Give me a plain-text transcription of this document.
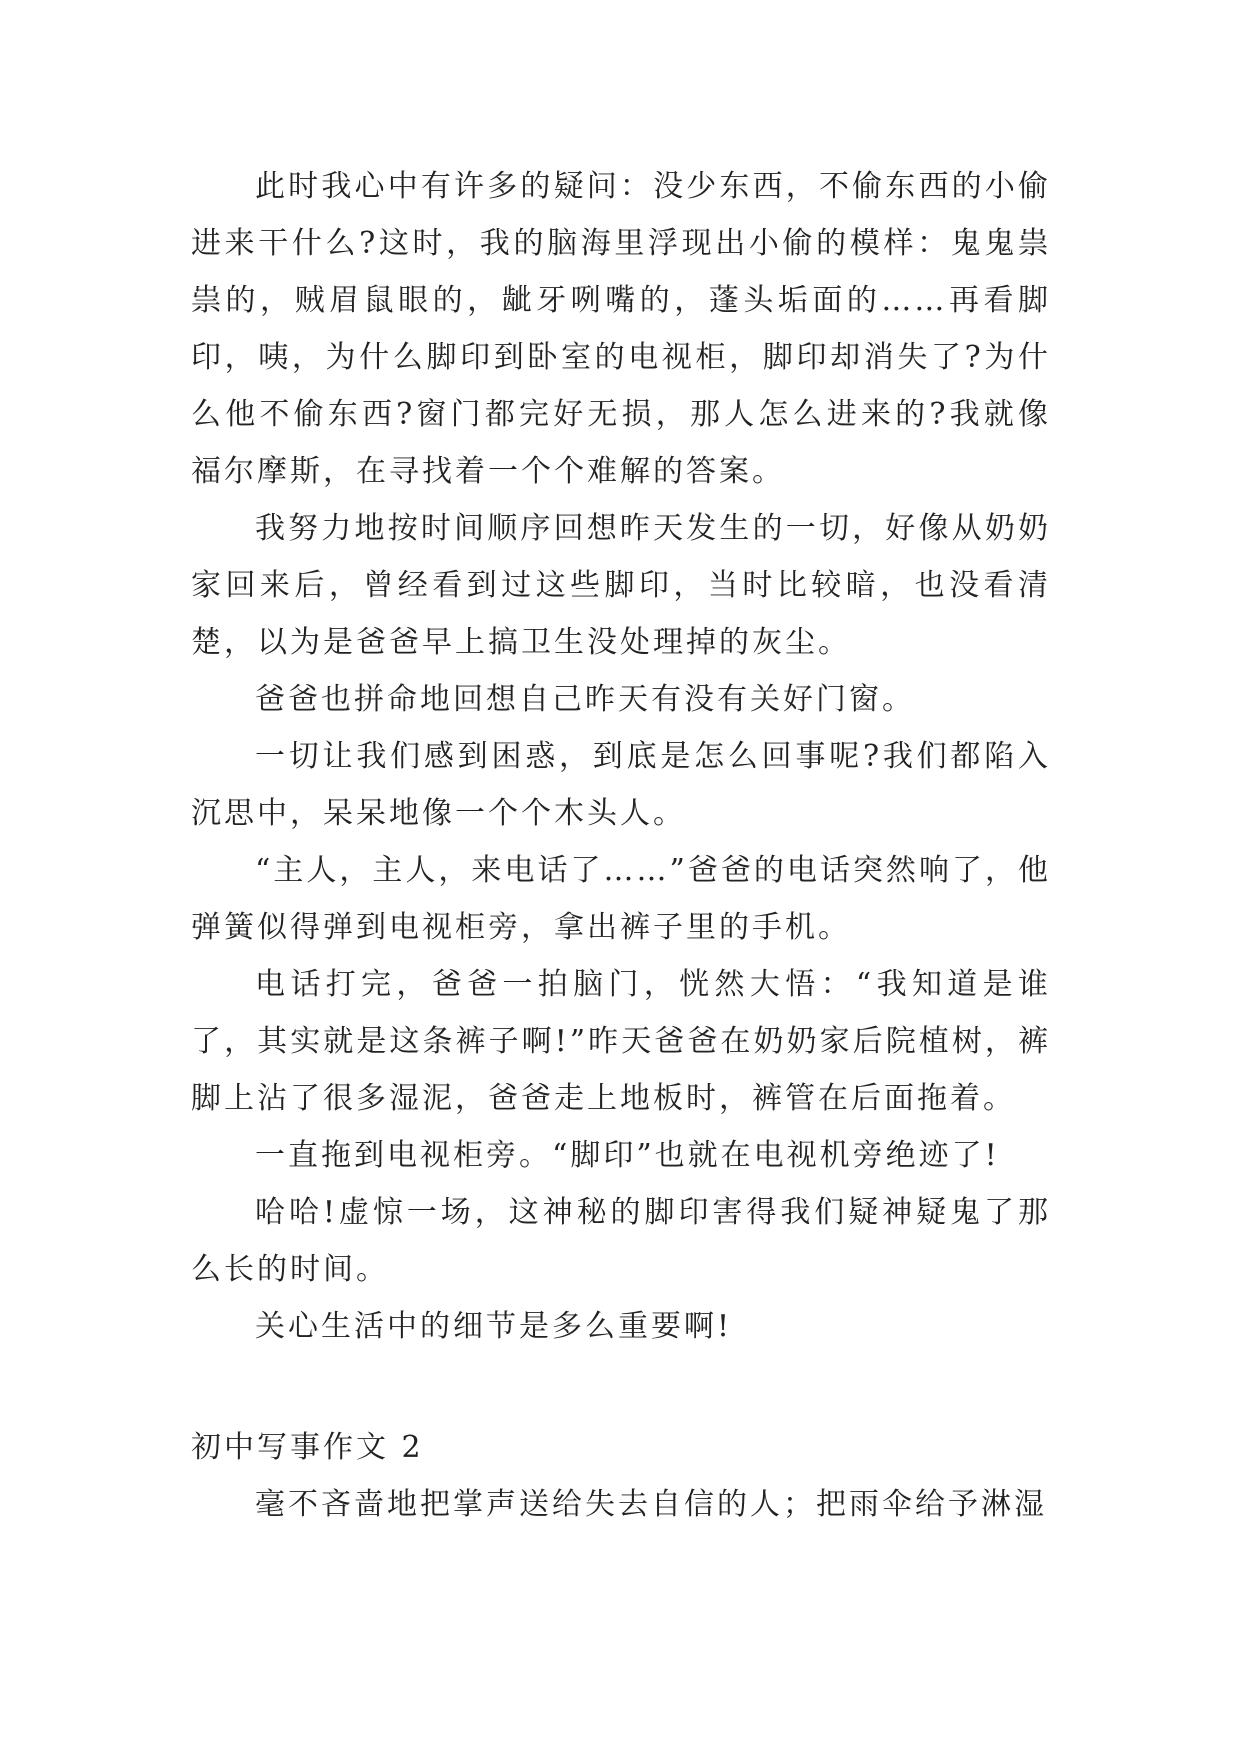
此时我心中有许多的疑问：没少东西，不偷东西的小偷进来干什么?这时，我的脑海里浮现出小偷的模样：鬼鬼祟祟的，贼眉鼠眼的，龇牙咧嘴的，蓬头垢面的……再看脚印，咦，为什么脚印到卧室的电视柜，脚印却消失了?为什么他不偷东西?窗门都完好无损，那人怎么进来的?我就像福尔摩斯，在寻找着一个个难解的答案。

我努力地按时间顺序回想昨天发生的一切，好像从奶奶家回来后，曾经看到过这些脚印，当时比较暗，也没看清楚，以为是爸爸早上搞卫生没处理掉的灰尘。

爸爸也拼命地回想自己昨天有没有关好门窗。

一切让我们感到困惑，到底是怎么回事呢?我们都陷入沉思中，呆呆地像一个个木头人。

“主人，主人，来电话了……”爸爸的电话突然响了，他弹簧似得弹到电视柜旁，拿出裤子里的手机。

电话打完，爸爸一拍脑门，恍然大悟：“我知道是谁了，其实就是这条裤子啊!”昨天爸爸在奶奶家后院植树，裤脚上沾了很多湿泥，爸爸走上地板时，裤管在后面拖着。

一直拖到电视柜旁。“脚印”也就在电视机旁绝迹了!

哈哈!虚惊一场，这神秘的脚印害得我们疑神疑鬼了那么长的时间。

关心生活中的细节是多么重要啊!

初中写事作文 2

毫不吝啬地把掌声送给失去自信的人；把雨伞给予淋湿
